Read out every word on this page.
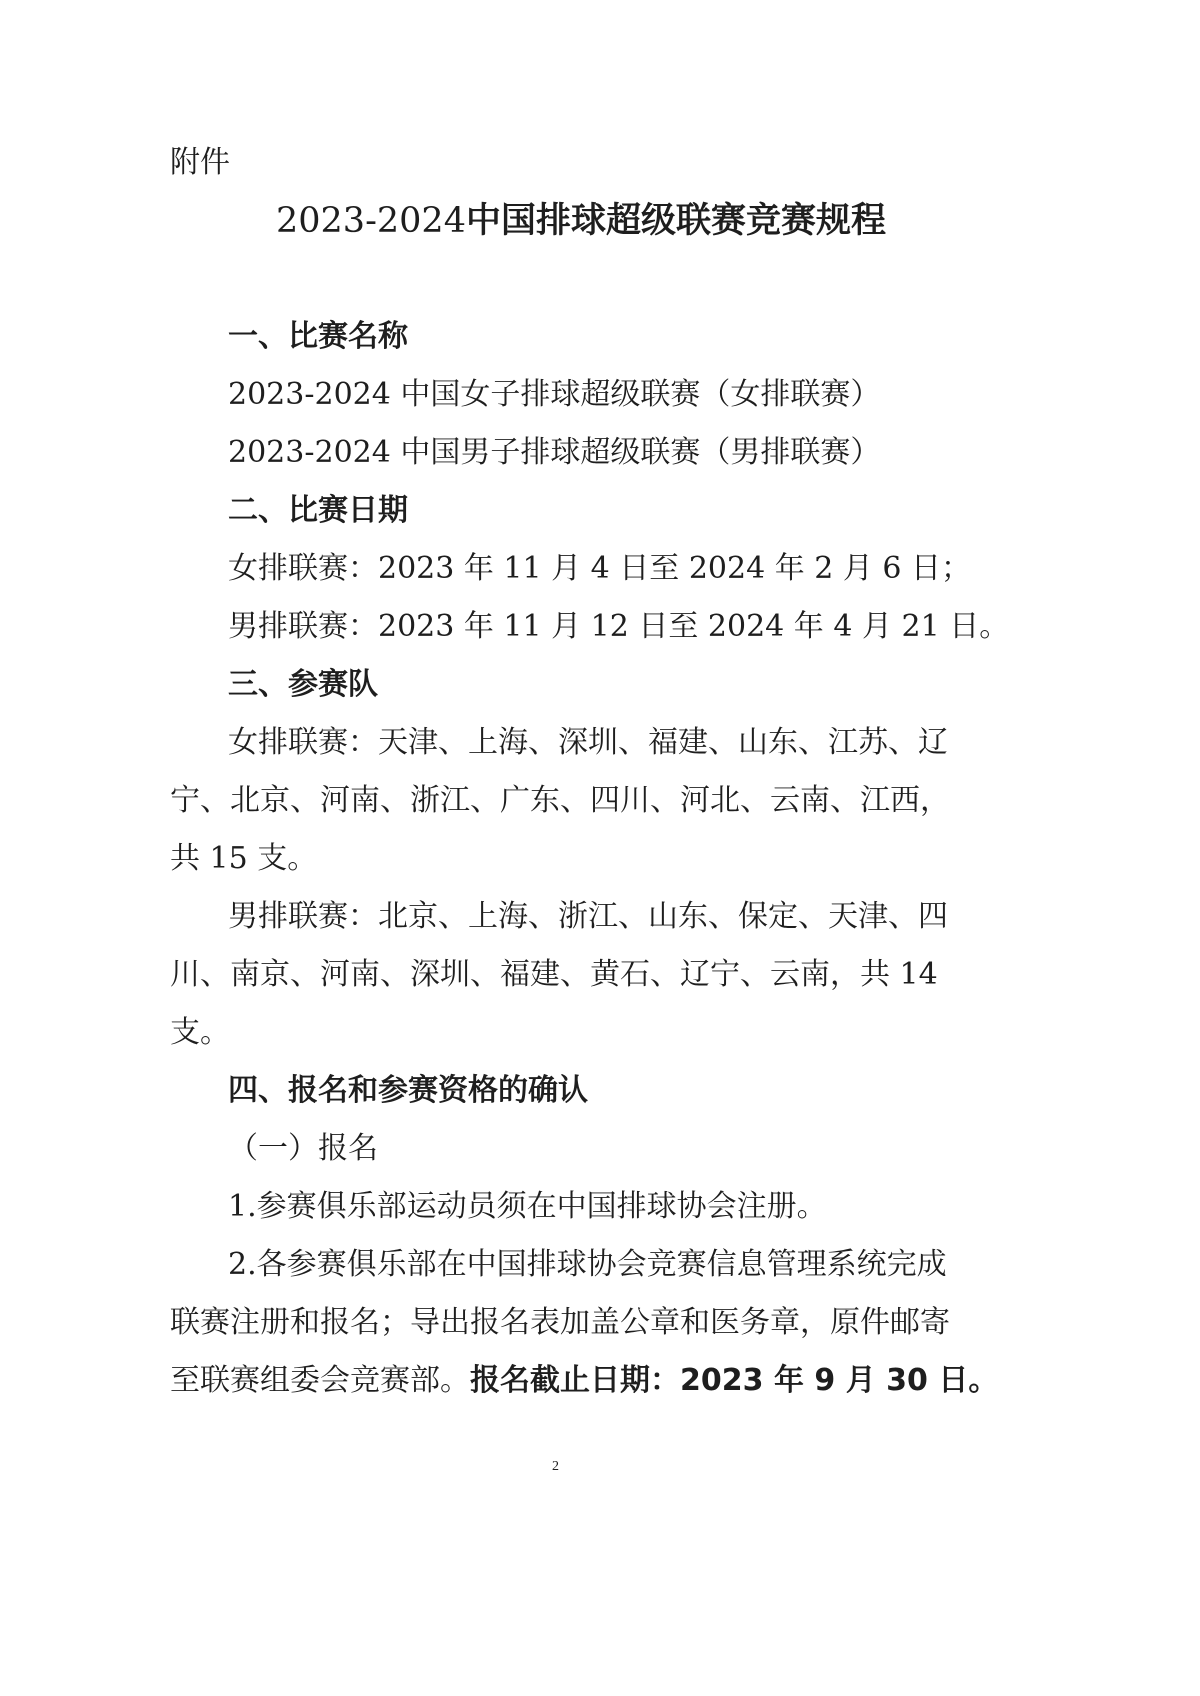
附件
2023-2024中国排球超级联赛竞赛规程
一、比赛名称
2023-2024 中国女子排球超级联赛（女排联赛）
2023-2024 中国男子排球超级联赛（男排联赛）
二、比赛日期
女排联赛：2023 年 11 月 4 日至 2024 年 2 月 6 日；
男排联赛：2023 年 11 月 12 日至 2024 年 4 月 21 日。
三、参赛队
女排联赛：天津、上海、深圳、福建、山东、江苏、辽
宁、北京、河南、浙江、广东、四川、河北、云南、江西，
共 15 支。
男排联赛：北京、上海、浙江、山东、保定、天津、四
川、南京、河南、深圳、福建、黄石、辽宁、云南，共 14
支。
四、报名和参赛资格的确认
（一）报名
1.参赛俱乐部运动员须在中国排球协会注册。
2.各参赛俱乐部在中国排球协会竞赛信息管理系统完成
联赛注册和报名；导出报名表加盖公章和医务章，原件邮寄
至联赛组委会竞赛部。报名截止日期：2023 年 9 月 30 日。
2
